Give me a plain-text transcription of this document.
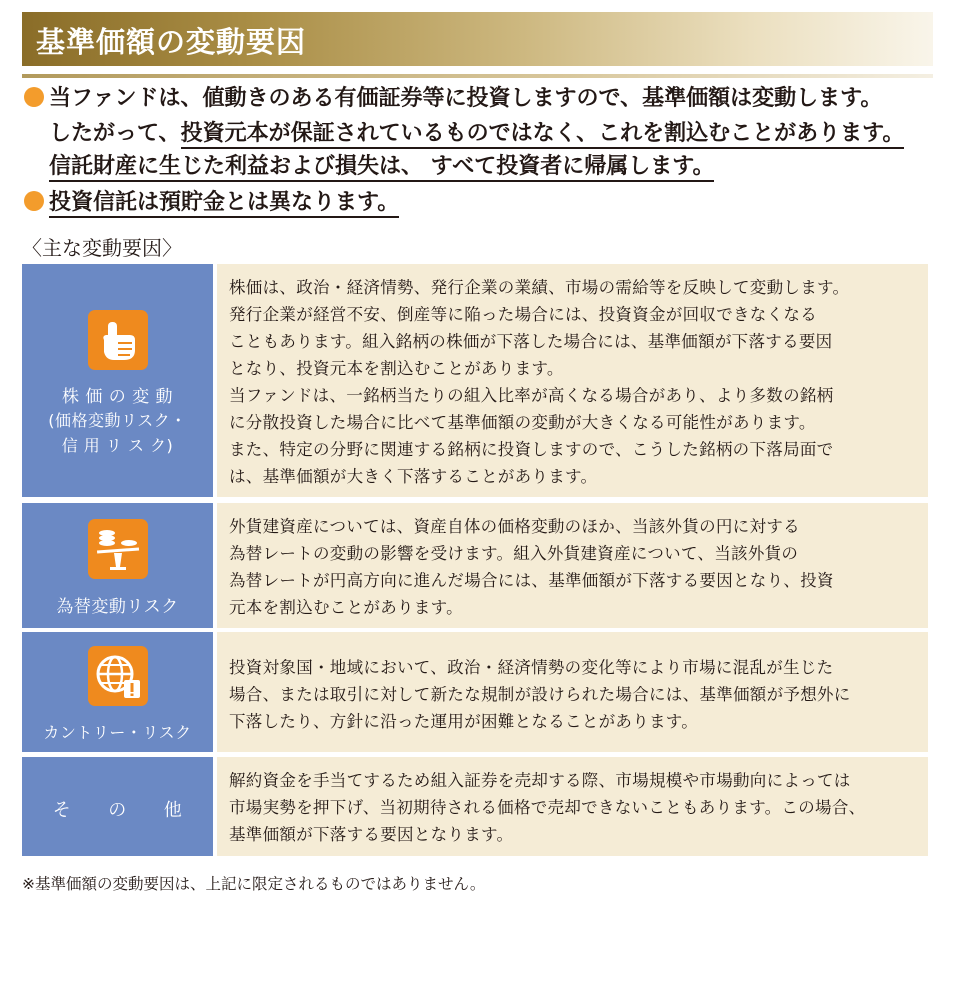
基準価額の変動要因
当ファンドは、値動きのある有価証券等に投資しますので、基準価額は変動します。
したがって、投資元本が保証されているものではなく、これを割込むことがあります。
信託財産に生じた利益および損失は、 すべて投資者に帰属します。
投資信託は預貯金とは異なります。
〈主な変動要因〉
株 価 の 変 動
(価格変動リスク・
信 用 リ ス ク)

株価は、政治・経済情勢、発行企業の業績、市場の需給等を反映して変動します。

発行企業が経営不安、倒産等に陥った場合には、投資資金が回収できなくなる

こともあります。組入銘柄の株価が下落した場合には、基準価額が下落する要因

となり、投資元本を割込むことがあります。

当ファンドは、一銘柄当たりの組入比率が高くなる場合があり、より多数の銘柄

に分散投資した場合に比べて基準価額の変動が大きくなる可能性があります。

また、特定の分野に関連する銘柄に投資しますので、こうした銘柄の下落局面で

は、基準価額が大きく下落することがあります。

為替変動リスク

外貨建資産については、資産自体の価格変動のほか、当該外貨の円に対する

為替レートの変動の影響を受けます。組入外貨建資産について、当該外貨の

為替レートが円高方向に進んだ場合には、基準価額が下落する要因となり、投資

元本を割込むことがあります。

カントリー・リスク

投資対象国・地域において、政治・経済情勢の変化等により市場に混乱が生じた

場合、または取引に対して新たな規制が設けられた場合には、基準価額が予想外に

下落したり、方針に沿った運用が困難となることがあります。

そ　　の　　他

解約資金を手当てするため組入証券を売却する際、市場規模や市場動向によっては

市場実勢を押下げ、当初期待される価格で売却できないこともあります。この場合、

基準価額が下落する要因となります。

※基準価額の変動要因は、上記に限定されるものではありません。
